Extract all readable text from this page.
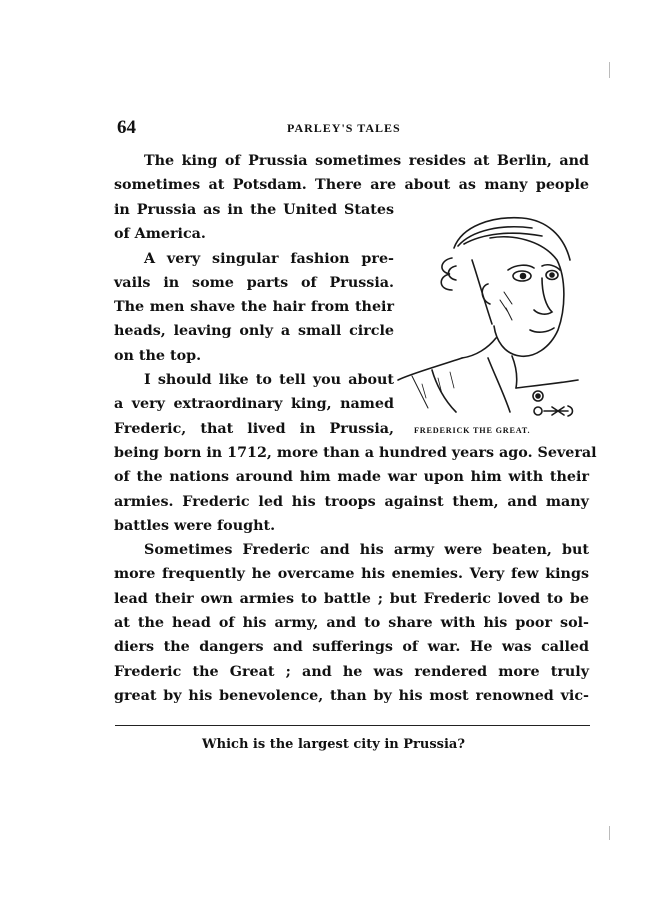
64	PARLEY'S TALES
The king of Prussia sometimes resides at Berlin, and
sometimes at Potsdam. There are about as many people
in Prussia as in the United States
of America.
A very singular fashion pre-
vails in some parts of Prussia.
The men shave the hair from their
heads, leaving only a small circle
on the top.
I should like to tell you about
a very extraordinary king, named
Frederic, that lived in Prussia, FREDERICK THE GREAT.
being born in 1712, more than a hundred years ago. Several
of the nations around him made war upon him with their
armies. Frederic led his troops against them, and many
battles were fought.
Sometimes Frederic and his army were beaten, but
more frequently he overcame his enemies. Very few kings
lead their own armies to battle ; but Frederic loved to be
at the head of his army, and to share with his poor sol-
diers the dangers and sufferings of war. He was called
Frederic the Great ; and he was rendered more truly
great by his benevolence, than by his most renowned vic-
Which is the largest city in Prussia?
